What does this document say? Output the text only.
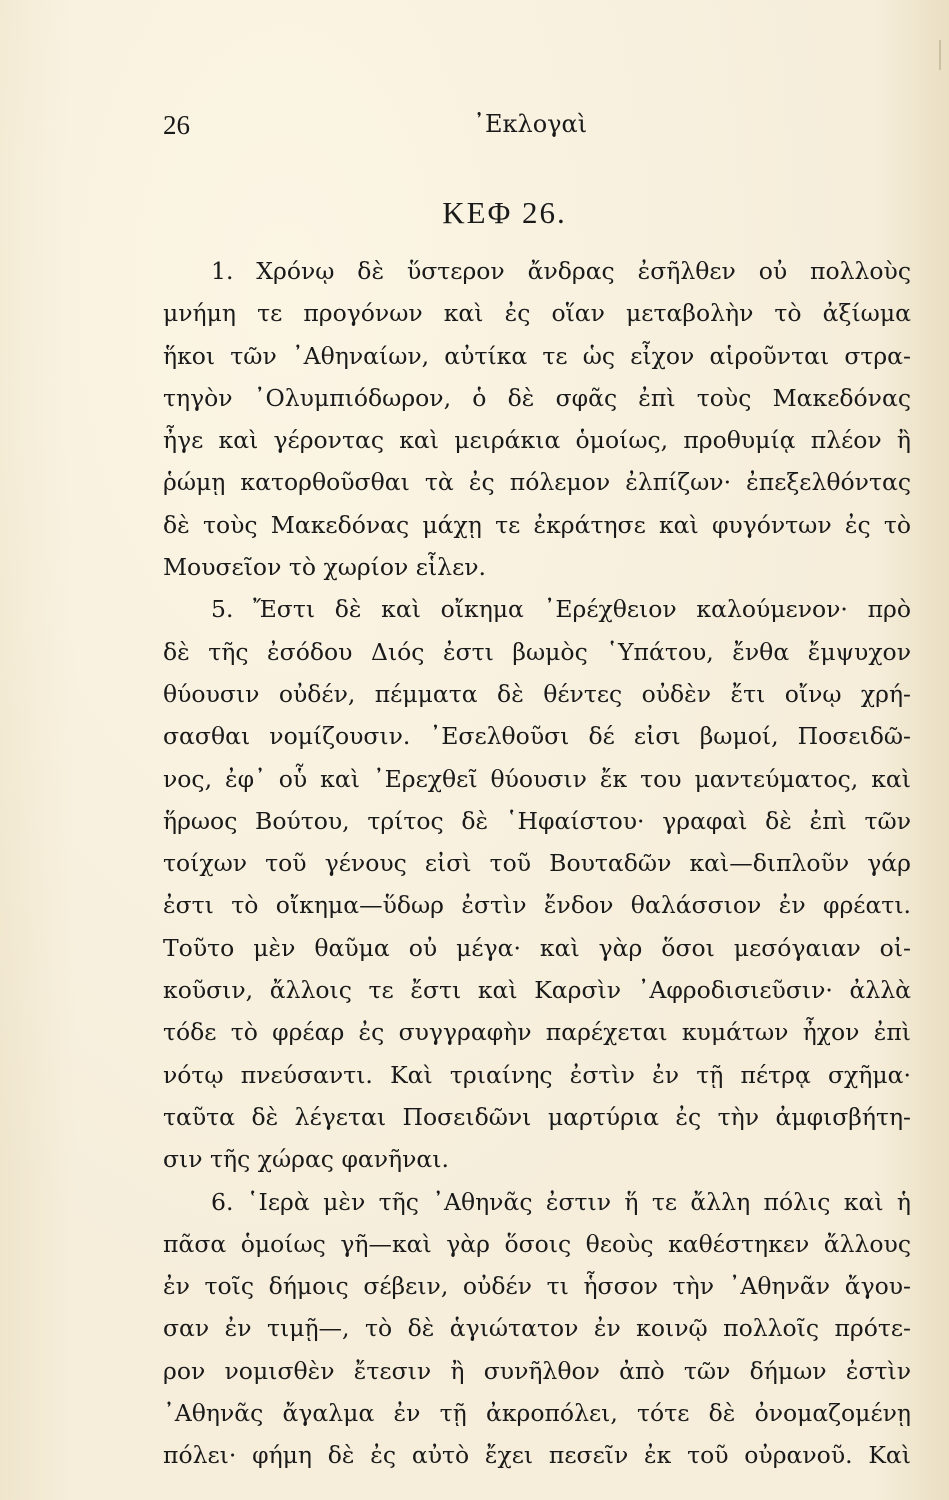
26	᾿Εκλογαὶ
ΚΕΦ 26.
1. Χρόνῳ δὲ ὕστερον ἄνδρας ἐσῆλθεν οὐ πολλοὺς
μνήμη τε προγόνων καὶ ἐς οἵαν μεταβολὴν τὸ ἀξίωμα
ἥκοι τῶν ᾿Αθηναίων, αὐτίκα τε ὡς εἶχον αἱροῦνται στρα-
τηγὸν ᾿Ολυμπιόδωρον, ὁ δὲ σφᾶς ἐπὶ τοὺς Μακεδόνας
ἦγε καὶ γέροντας καὶ μειράκια ὁμοίως, προθυμίᾳ πλέον ἢ
ῥώμῃ κατορθοῦσθαι τὰ ἐς πόλεμον ἐλπίζων· ἐπεξελθόντας
δὲ τοὺς Μακεδόνας μάχῃ τε ἐκράτησε καὶ φυγόντων ἐς τὸ
Μουσεῖον τὸ χωρίον εἷλεν.
5. Ἔστι δὲ καὶ οἴκημα ᾿Ερέχθειον καλούμενον· πρὸ
δὲ τῆς ἐσόδου Διός ἐστι βωμὸς ῾Υπάτου, ἔνθα ἔμψυχον
θύουσιν οὐδέν, πέμματα δὲ θέντες οὐδὲν ἔτι οἴνῳ χρή-
σασθαι νομίζουσιν. ᾿Εσελθοῦσι δέ εἰσι βωμοί, Ποσειδῶ-
νος, ἐφ᾿ οὗ καὶ ᾿Ερεχθεῖ θύουσιν ἔκ του μαντεύματος, καὶ
ἥρωος Βούτου, τρίτος δὲ ῾Ηφαίστου· γραφαὶ δὲ ἐπὶ τῶν
τοίχων τοῦ γένους εἰσὶ τοῦ Βουταδῶν καὶ—διπλοῦν γάρ
ἐστι τὸ οἴκημα—ὕδωρ ἐστὶν ἔνδον θαλάσσιον ἐν φρέατι.
Τοῦτο μὲν θαῦμα οὐ μέγα· καὶ γὰρ ὅσοι μεσόγαιαν οἰ-
κοῦσιν, ἄλλοις τε ἔστι καὶ Καρσὶν ᾿Αφροδισιεῦσιν· ἀλλὰ
τόδε τὸ φρέαρ ἐς συγγραφὴν παρέχεται κυμάτων ἦχον ἐπὶ
νότῳ πνεύσαντι. Καὶ τριαίνης ἐστὶν ἐν τῇ πέτρᾳ σχῆμα·
ταῦτα δὲ λέγεται Ποσειδῶνι μαρτύρια ἐς τὴν ἀμφισβήτη-
σιν τῆς χώρας φανῆναι.
6. ῾Ιερὰ μὲν τῆς ᾿Αθηνᾶς ἐστιν ἥ τε ἄλλη πόλις καὶ ἡ
πᾶσα ὁμοίως γῆ—καὶ γὰρ ὅσοις θεοὺς καθέστηκεν ἄλλους
ἐν τοῖς δήμοις σέβειν, οὐδέν τι ἧσσον τὴν ᾿Αθηνᾶν ἄγου-
σαν ἐν τιμῇ—, τὸ δὲ ἁγιώτατον ἐν κοινῷ πολλοῖς πρότε-
ρον νομισθὲν ἔτεσιν ἢ συνῆλθον ἀπὸ τῶν δήμων ἐστὶν
᾿Αθηνᾶς ἄγαλμα ἐν τῇ ἀκροπόλει, τότε δὲ ὀνομαζομένῃ
πόλει· φήμη δὲ ἐς αὐτὸ ἔχει πεσεῖν ἐκ τοῦ οὐρανοῦ. Καὶ
